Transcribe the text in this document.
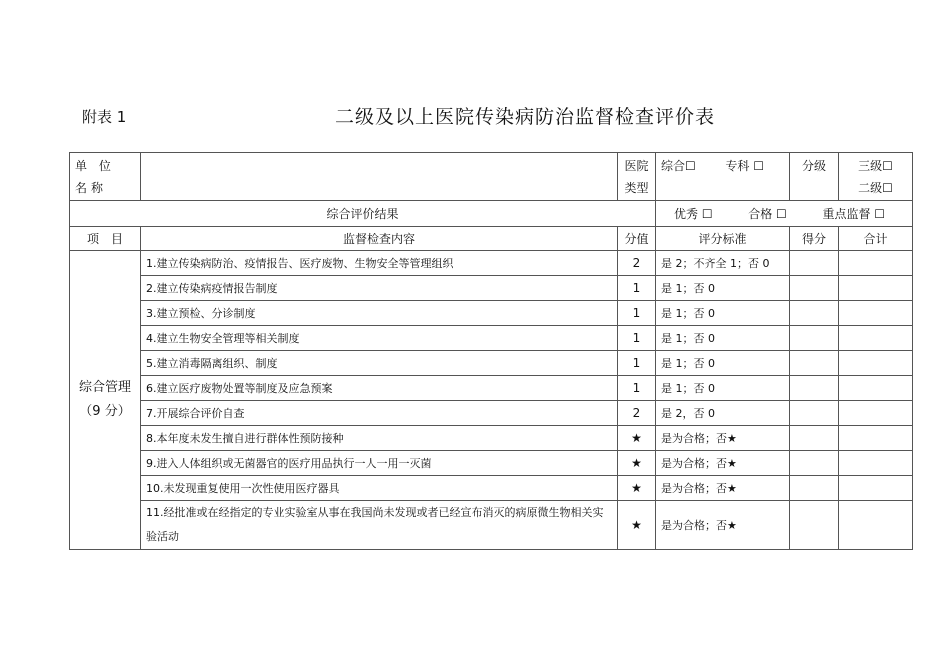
附表 1	二级及以上医院传染病防治监督检查评价表
单 位 名称		医院类型	综合☐ 专科 ☐	分级	三级☐
二级☐

综合评价结果			优秀 ☐ 合格 ☐ 重点监督 ☐		
项　目	监督检查内容	分值	评分标准	得分	合计

综合管理
（9 分）	1.建立传染病防治、疫情报告、医疗废物、生物安全等管理组织	2	是 2；不齐全 1；否 0		
	2.建立传染病疫情报告制度	1	是 1；否 0		
	3.建立预检、分诊制度	1	是 1；否 0		
	4.建立生物安全管理等相关制度	1	是 1；否 0		
	5.建立消毒隔离组织、制度	1	是 1；否 0		
	6.建立医疗废物处置等制度及应急预案	1	是 1；否 0		
	7.开展综合评价自查	2	是 2，否 0		
	8.本年度未发生擅自进行群体性预防接种	★	是为合格；否★		
	9.进入人体组织或无菌器官的医疗用品执行一人一用一灭菌	★	是为合格；否★		
	10.未发现重复使用一次性使用医疗器具	★	是为合格；否★		
	11.经批准或在经指定的专业实验室从事在我国尚未发现或者已经宣布消灭的病原微生物相关实验活动	★	是为合格；否★		
